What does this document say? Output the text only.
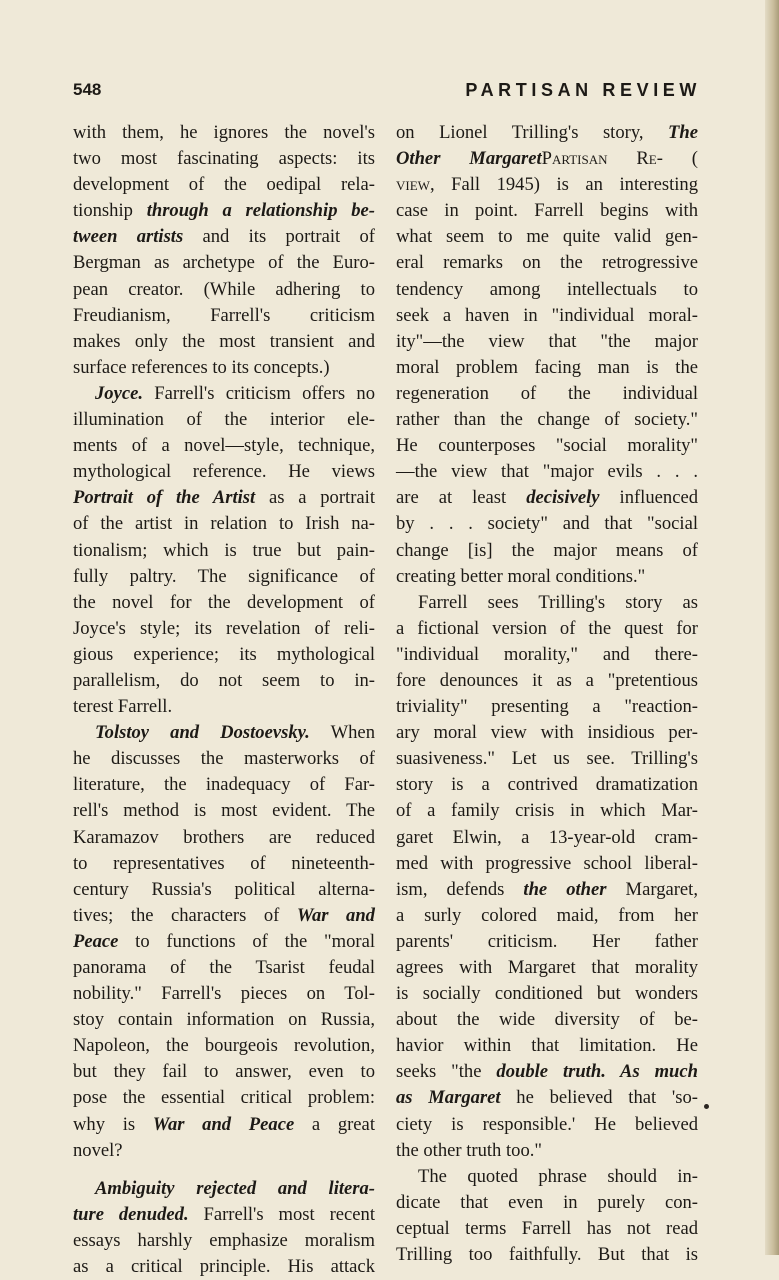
548	PARTISAN REVIEW
with them, he ignores the novel's
two most fascinating aspects: its
development of the oedipal rela-
tionship through a relationship be-
tween artists and its portrait of
Bergman as archetype of the Euro-
pean creator. (While adhering to
Freudianism, Farrell's criticism
makes only the most transient and
surface references to its concepts.)
Joyce. Farrell's criticism offers no
illumination of the interior ele-
ments of a novel—style, technique,
mythological reference. He views
Portrait of the Artist as a portrait
of the artist in relation to Irish na-
tionalism; which is true but pain-
fully paltry. The significance of
the novel for the development of
Joyce's style; its revelation of reli-
gious experience; its mythological
parallelism, do not seem to in-
terest Farrell.
Tolstoy and Dostoevsky. When
he discusses the masterworks of
literature, the inadequacy of Far-
rell's method is most evident. The
Karamazov brothers are reduced
to representatives of nineteenth-
century Russia's political alterna-
tives; the characters of War and
Peace to functions of the "moral
panorama of the Tsarist feudal
nobility." Farrell's pieces on Tol-
stoy contain information on Russia,
Napoleon, the bourgeois revolution,
but they fail to answer, even to
pose the essential critical problem:
why is War and Peace a great
novel?
Ambiguity rejected and litera-
ture denuded. Farrell's most recent
essays harshly emphasize moralism
as a critical principle. His attack
on Lionel Trilling's story, The
Other MargaretPartisan Re- (
view, Fall 1945) is an interesting
case in point. Farrell begins with
what seem to me quite valid gen-
eral remarks on the retrogressive
tendency among intellectuals to
seek a haven in "individual moral-
ity"—the view that "the major
moral problem facing man is the
regeneration of the individual
rather than the change of society."
He counterposes "social morality"
—the view that "major evils . . .
are at least decisively influenced
by . . . society" and that "social
change [is] the major means of
creating better moral conditions."
Farrell sees Trilling's story as
a fictional version of the quest for
"individual morality," and there-
fore denounces it as a "pretentious
triviality" presenting a "reaction-
ary moral view with insidious per-
suasiveness." Let us see. Trilling's
story is a contrived dramatization
of a family crisis in which Mar-
garet Elwin, a 13-year-old cram-
med with progressive school liberal-
ism, defends the other Margaret,
a surly colored maid, from her
parents' criticism. Her father
agrees with Margaret that morality
is socially conditioned but wonders
about the wide diversity of be-
havior within that limitation. He
seeks "the double truth. As much
as Margaret he believed that 'so-
ciety is responsible.' He believed
the other truth too."
The quoted phrase should in-
dicate that even in purely con-
ceptual terms Farrell has not read
Trilling too faithfully. But that is
